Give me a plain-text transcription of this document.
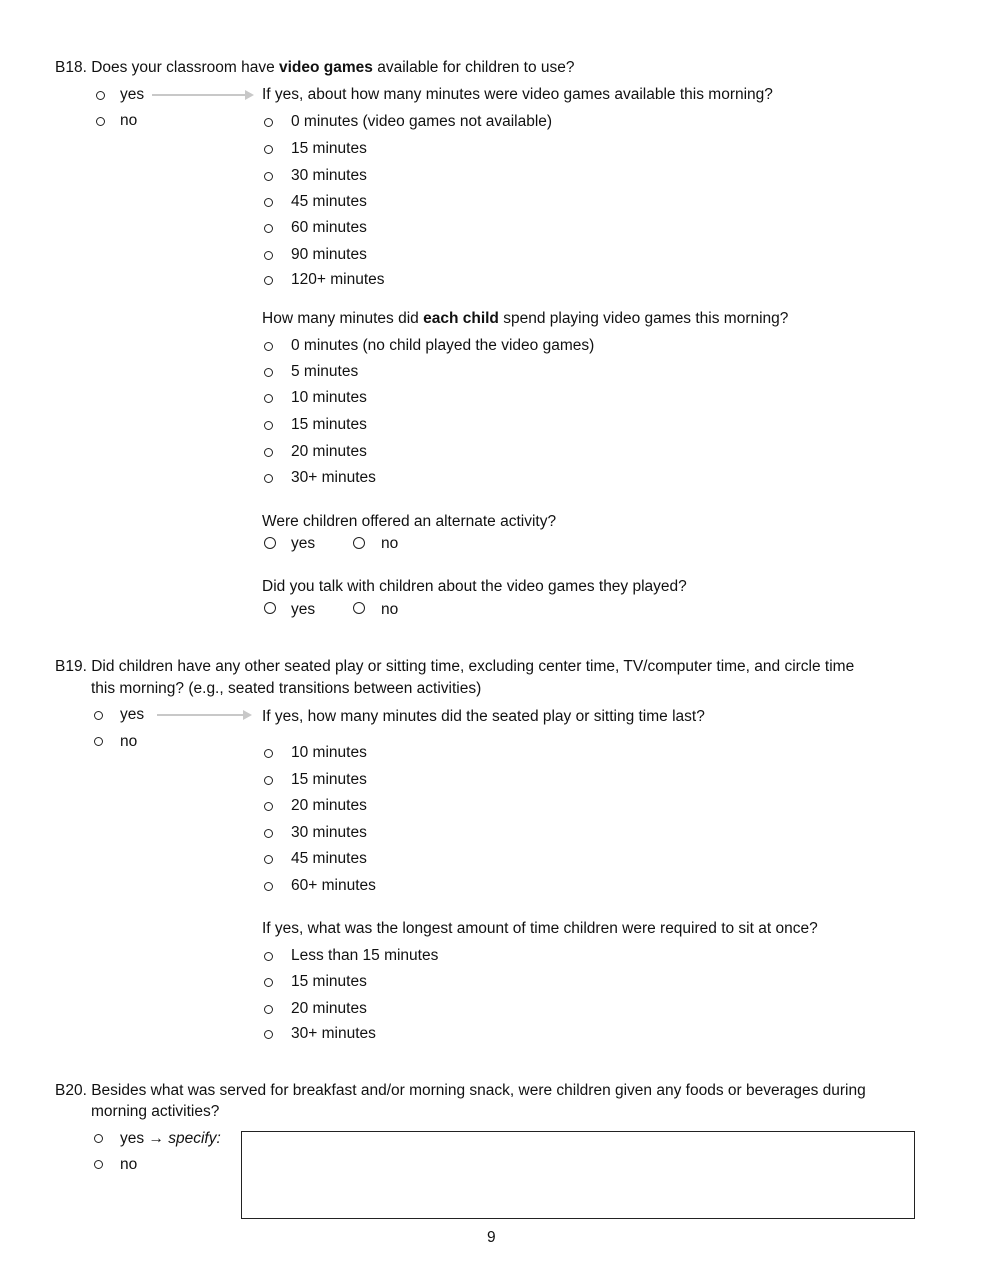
B18. Does your classroom have video games available for children to use?
yes
no
If yes, about how many minutes were video games available this morning?
0 minutes (video games not available)
15 minutes
30 minutes
45 minutes
60 minutes
90 minutes
120+ minutes
How many minutes did each child spend playing video games this morning?
0 minutes (no child played the video games)
5 minutes
10 minutes
15 minutes
20 minutes
30+ minutes
Were children offered an alternate activity?
yes	no
Did you talk with children about the video games they played?
yes	no
B19. Did children have any other seated play or sitting time, excluding center time, TV/computer time, and circle time
this morning? (e.g., seated transitions between activities)
yes
no
If yes, how many minutes did the seated play or sitting time last?
10 minutes
15 minutes
20 minutes
30 minutes
45 minutes
60+ minutes
If yes, what was the longest amount of time children were required to sit at once?
Less than 15 minutes
15 minutes
20 minutes
30+ minutes
B20. Besides what was served for breakfast and/or morning snack, were children given any foods or beverages during
morning activities?
yes → specify:
no
9
